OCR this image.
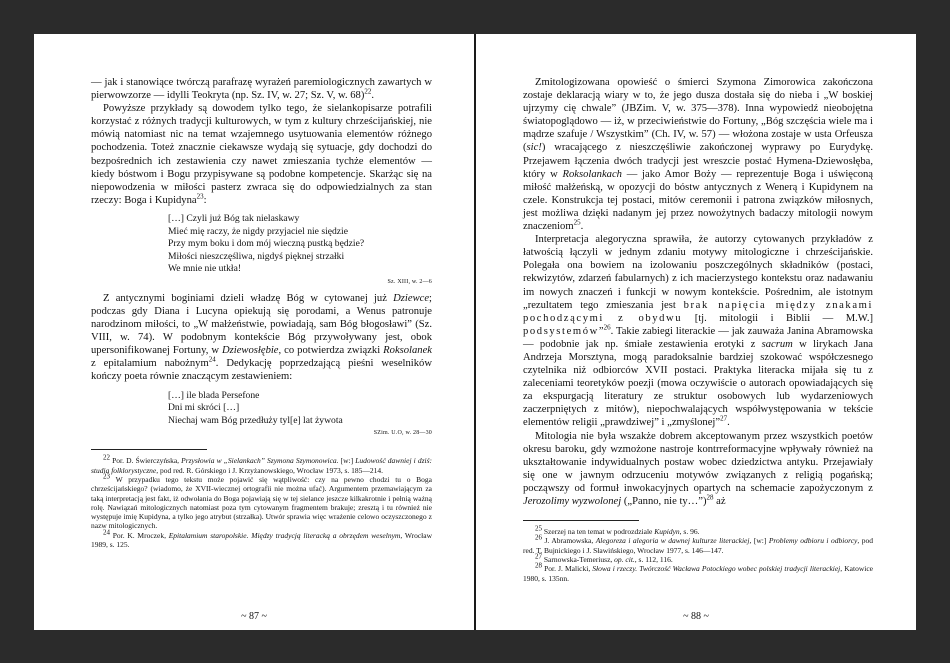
— jak i stanowiące twórczą parafrazę wyrażeń paremiologicznych zawartych w pierwowzorze — idylli Teokryta (np. Sz. IV, w. 27; Sz. V, w. 68)$^{22}$.

Powyższe przykłady są dowodem tylko tego, że sielankopisarze potrafili korzystać z różnych tradycji kulturowych, w tym z kultury chrześcijańskiej, nie mówią natomiast nic na temat wzajemnego usytuowania elementów różnego pochodzenia. Toteż znacznie ciekawsze wydają się sytuacje, gdy dochodzi do bezpośrednich ich zestawienia czy nawet zmieszania tychże elementów — kiedy bóstwom i Bogu przypisywane są podobne kompetencje. Skarżąc się na niepowodzenia w miłości pasterz zwraca się do odpowiedzialnych za stan rzeczy: Boga i Kupidyna$^{23}$:

[…] Czyli już Bóg tak nielaskawy
Mieć mię raczy, że nigdy przyjaciel nie siędzie
Przy mym boku i dom mój wieczną pustką będzie?
Miłości nieszczęśliwa, nigdyś pięknej strzałki
We mnie nie utkła!
Sz. XIII, w. 2—6

Z antycznymi boginiami dzieli władzę Bóg w cytowanej już Dziewce; podczas gdy Diana i Lucyna opiekują się porodami, a Wenus patronuje narodzinom miłości, to „W małżeństwie, powiadają, sam Bóg błogosławi” (Sz. VIII, w. 74). W podobnym kontekście Bóg przywoływany jest, obok upersonifikowanej Fortuny, w Dziewosłębie, co potwierdza związki Roksolanek z epitalamium nabożnym$^{24}$. Dedykację poprzedzającą pieśni weselników kończy poeta równie znaczącym zestawieniem:

[…] ile blada Persefone
Dni mi skróci […]
Niechaj wam Bóg przedłuży tyl[e] lat żywota
SZim. U.O, w. 28—30

22 Por. D. Świerczyńska, Przysłowia w „Sielankach” Szymona Szymonowica. [w:] Ludowość dawniej i dziś: studia folklorystyczne, pod red. R. Górskiego i J. Krzyżanowskiego, Wrocław 1973, s. 185—214.

23 W przypadku tego tekstu może pojawić się wątpliwość: czy na pewno chodzi tu o Boga chrześcijańskiego? (wiadomo, że XVII-wiecznej ortografii nie można ufać). Argumentem przemawiającym za taką interpretacją jest fakt, iż odwołania do Boga pojawiają się w tej sielance jeszcze kilkakrotnie i pełnią ważną rolę. Nawiązań mitologicznych natomiast poza tym cytowanym fragmentem brakuje; zresztą i tu również nie występuje imię Kupidyna, a tylko jego atrybut (strzałka). Utwór sprawia więc wrażenie celowo oczyszczonego z nazw mitologicznych.

24 Por. K. Mroczek, Epitalamium staropolskie. Między tradycją literacką a obrzędem weselnym, Wrocław 1989, s. 125.

~ 87 ~

Zmitologizowana opowieść o śmierci Szymona Zimorowica zakończona zostaje deklaracją wiary w to, że jego dusza dostała się do nieba i „W boskiej ujrzymy cię chwale” (JBZim. V, w. 375—378). Inna wypowiedź nieobojętna światopoglądowo — iż, w przeciwieństwie do Fortuny, „Bóg szczęścia wiele ma i mądrze szafuje / Wszystkim” (Ch. IV, w. 57) — włożona zostaje w usta Orfeusza (sic!) wracającego z nieszczęśliwie zakończonej wyprawy po Eurydykę. Przejawem łączenia dwóch tradycji jest wreszcie postać Hymena-Dziewosłęba, który w Roksolankach — jako Amor Boży — reprezentuje Boga i uświęconą miłość małżeńską, w opozycji do bóstw antycznych z Wenerą i Kupidynem na czele. Konstrukcja tej postaci, mitów ceremonii i patrona związków miłosnych, jest możliwa dzięki nadanym jej przez nowożytnych badaczy mitologii nowym znaczeniom$^{25}$.

Interpretacja alegoryczna sprawiła, że autorzy cytowanych przykładów z łatwością łączyli w jednym zdaniu motywy mitologiczne i chrześcijańskie. Polegała ona bowiem na izolowaniu poszczególnych składników (postaci, rekwizytów, zdarzeń fabularnych) z ich macierzystego kontekstu oraz nadawaniu im nowych znaczeń i funkcji w nowym kontekście. Pośrednim, ale istotnym „rezultatem tego zmieszania jest brak napięcia między znakami pochodzącymi z obydwu [tj. mitologii i Biblii — M.W.] podsystemów”$^{26}$. Takie zabiegi literackie — jak zauważa Janina Abramowska — podobnie jak np. śmiałe zestawienia erotyki z sacrum w lirykach Jana Andrzeja Morsztyna, mogą paradoksalnie bardziej szokować współczesnego czytelnika niż odbiorców XVII postaci. Praktyka literacka mijała się tu z zaleceniami teoretyków poezji (mowa oczywiście o autorach opowiadających się za ekspurgacją literatury ze struktur osobowych lub wydarzeniowych zaczerpniętych z mitów), niepochwalających współwystępowania w tekście elementów religii „prawdziwej” i „zmyślonej”$^{27}$.

Mitologia nie była wszakże dobrem akceptowanym przez wszystkich poetów okresu baroku, gdy wzmożone nastroje kontrreformacyjne wpływały również na ukształtowanie indywidualnych postaw wobec dziedzictwa antyku. Przejawiały się one w jawnym odrzuceniu motywów związanych z religią pogańską; począwszy od formuł inwokacyjnych opartych na schemacie zapożyczonym z Jerozolimy wyzwolonej („Panno, nie ty…”)$^{28}$ aż

25 Szerzej na ten temat w podrozdziale Kupidyn, s. 96.

26 J. Abramowska, Alegoreza i alegoria w dawnej kulturze literackiej, [w:] Problemy odbioru i odbiorcy, pod red. T. Bujnickiego i J. Sławińskiego, Wrocław 1977, s. 146—147.

27 Sarnowska-Temeriusz, op. cit., s. 112, 116.

28 Por. J. Malicki, Słowa i rzeczy. Twórczość Wacława Potockiego wobec polskiej tradycji literackiej, Katowice 1980, s. 135nn.

~ 88 ~
